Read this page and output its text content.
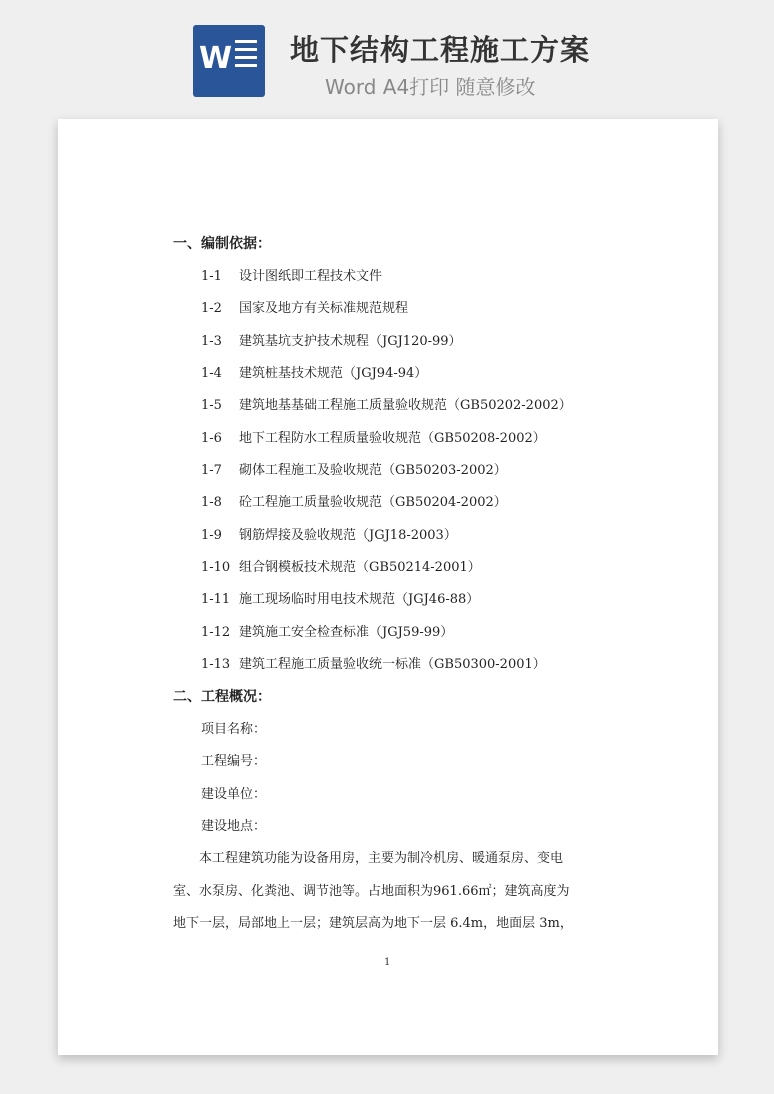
W 地下结构工程施工方案
Word A4打印 随意修改
一、编制依据：
1-1 设计图纸即工程技术文件
1-2 国家及地方有关标准规范规程
1-3 建筑基坑支护技术规程（JGJ120-99）
1-4 建筑桩基技术规范（JGJ94-94）
1-5 建筑地基基础工程施工质量验收规范（GB50202-2002）
1-6 地下工程防水工程质量验收规范（GB50208-2002）
1-7 砌体工程施工及验收规范（GB50203-2002）
1-8 砼工程施工质量验收规范（GB50204-2002）
1-9 钢筋焊接及验收规范（JGJ18-2003）
1-10 组合钢模板技术规范（GB50214-2001）
1-11 施工现场临时用电技术规范（JGJ46-88）
1-12 建筑施工安全检查标准（JGJ59-99）
1-13 建筑工程施工质量验收统一标准（GB50300-2001）
二、工程概况：
项目名称：
工程编号：
建设单位：
建设地点：
　　本工程建筑功能为设备用房，主要为制冷机房、暖通泵房、变电
室、水泵房、化粪池、调节池等。占地面积为961.66㎡；建筑高度为
地下一层，局部地上一层；建筑层高为地下一层 6.4m，地面层 3m，
1
